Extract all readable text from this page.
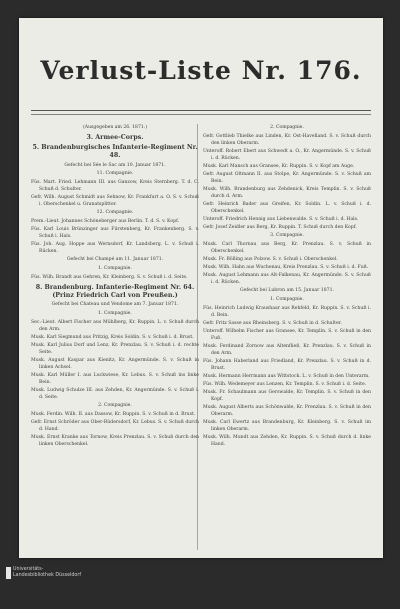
Verlust-Liste Nr. 176.
(Ausgegeben am 26. 1871.)
3. Armee-Corps.
5. Brandenburgisches Infanterie-Regiment Nr. 48.
Gefecht bei Sée le Sac am 10. Januar 1871.
11. Compagnie.
Füs. Mart. Fried. Lehmann III. aus Ganzow, Kreis Sternberg. T. d. C. Schuß d. Schulter.
Gefr. Wilh. August Schmidt aus Sehnow, Kr. Frankfurt a. O. S. v. Schuß i. Oberschenkel u. Granatsplitter.
12. Compagnie.
Prem.-Lieut. Johannes Schöneberger aus Berlin. T. d. S. v. Kopf.
Füs. Karl Louis Brünzinger aus Fürstenberg, Kr. Frankenberg. S. v. Schuß i. Hals.
Füs. Joh. Aug. Hoppe aus Wernsdorf, Kr. Landsberg. L. v. Schuß i. Rücken.
Gefecht bei Champé am 11. Januar 1871.
1. Compagnie.
Füs. Wilh. Brandt aus Gehren, Kr. Kleinberg. S. v. Schuß i. d. Seite.
8. Brandenburg. Infanterie-Regiment Nr. 64. (Prinz Friedrich Carl von Preußen.)
Gefecht bei Chateau und Vendome am 7. Januar 1871.
1. Compagnie.
Sec.-Lieut. Albert Fischer aus Mühlberg, Kr. Ruppin. L. v. Schuß durch den Arm.
Musk. Karl Siegmund aus Pritzig, Kreis Soldin. S. v. Schuß i. d. Brust.
Musk. Karl Julius Dorf und Lenz, Kr. Prenzlau. S. v. Schuß i. d. rechte Seite.
Musk. August Kaspar aus Kienitz, Kr. Angermünde. S. v. Schuß in linken Achsel.
Musk. Karl Müller I. aus Luckwiese, Kr. Lebus. S. v. Schuß ins linke Bein.
Musk. Ludwig Schulze III. aus Zehden, Kr. Angermünde. S. v. Schuß i. d. Seite.
2. Compagnie.
Musk. Ferdin. Wilh. II. aus Dassow, Kr. Ruppin. S. v. Schuß in d. Brust.
Gefr. Ernst Schröder aus Ober-Rüdersdorf, Kr. Lebus. S. v. Schuß durch d. Hand.
Musk. Ernst Kranke aus Tornow, Kreis Prenzlau. S. v. Schuß durch den linken Oberschenkel.
2. Compagnie.
Gefr. Gottlieb Thielke aus Linden, Kr. Ost-Havelland. S. v. Schuß durch den linken Oberarm.
Unteroff. Robert Ebert aus Schwedt a. O., Kr. Angermünde. S. v. Schuß i. d. Rücken.
Musk. Karl Mansch aus Gransee, Kr. Ruppin. S. v. Kopf am Auge.
Gefr. August Oltmann II. aus Stolpe, Kr. Angermünde. S. v. Schuß am Bein.
Musk. Wilh. Brandenburg aus Zehdenick, Kreis Templin. S. v. Schuß durch d. Arm.
Gefr. Heinrich Bader aus Greifen, Kr. Soldin. L. v. Schuß i. d. Oberschenkel.
Unteroff. Friedrich Hennig aus Liebenwalde. S. v. Schuß i. d. Hals.
Gefr. Josef Zeidler aus Berg, Kr. Ruppin. T. Schuß durch den Kopf.
3. Compagnie.
Musk. Carl Thornau aus Berg, Kr. Prenzlau. S. v. Schuß in Oberschenkel.
Musk. Fr. Bölling aus Polzow. S. v. Schuß i. Oberschenkel.
Musk. Wilh. Hahn aus Wuchenau, Kreis Prenzlau. S. v. Schuß i. d. Fuß.
Musk. August Lehmann aus Alt-Falkenau, Kr. Angermünde. S. v. Schuß i. d. Rücken.
Gefecht bei Lubron am 15. Januar 1871.
1. Compagnie.
Füs. Heinrich Ludwig Kraushaar aus Rehfeld, Kr. Ruppin. S. v. Schuß i. d. Bein.
Gefr. Fritz Sasse aus Rheinsberg. S. v. Schuß in d. Schulter.
Unteroff. Wilhelm Fischer aus Gransee, Kr. Templin. S. v. Schuß in den Fuß.
Musk. Ferdinand Zornow aus Altenfließ, Kr. Prenzlau. S. v. Schuß in den Arm.
Füs. Johann Haberland aus Friedland, Kr. Prenzlau. S. v. Schuß in d. Brust.
Musk. Hermann Herrmann aus Wittstock. L. v. Schuß in den Unterarm.
Füs. Wilh. Wedemeyer aus Lenzen, Kr. Templin. S. v. Schuß i. d. Seite.
Musk. Fr. Schaulmann aus Gerswalde, Kr. Templin. S. v. Schuß in den Kopf.
Musk. August Alberts aus Schönwalde, Kr. Prenzlau. S. v. Schuß in den Oberarm.
Musk. Carl Ewertz aus Brandenburg, Kr. Kleinberg. S. v. Schuß im linken Oberarm.
Musk. Wilh. Mundt aus Zehden, Kr. Ruppin. S. v. Schuß durch d. linke Hand.
Universitäts-
Landesbibliothek Düsseldorf
